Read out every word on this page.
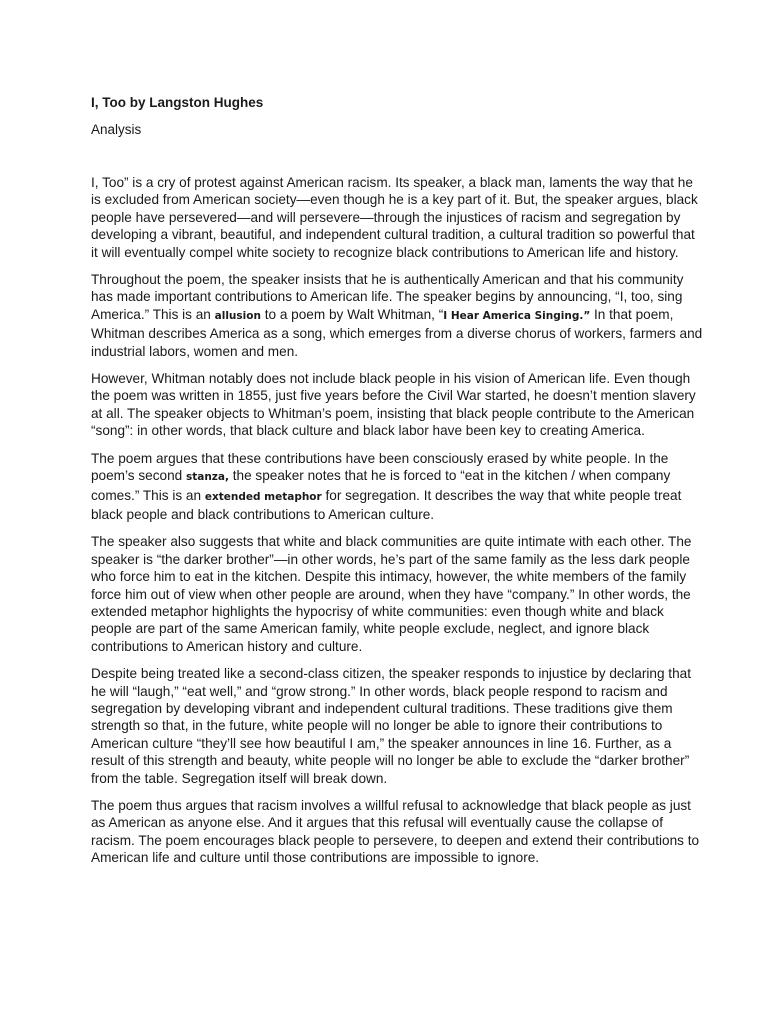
I, Too by Langston Hughes
Analysis

I, Too” is a cry of protest against American racism. Its speaker, a black man, laments the way that he is excluded from American society—even though he is a key part of it. But, the speaker argues, black people have persevered—and will persevere—through the injustices of racism and segregation by developing a vibrant, beautiful, and independent cultural tradition, a cultural tradition so powerful that it will eventually compel white society to recognize black contributions to American life and history.

Throughout the poem, the speaker insists that he is authentically American and that his community has made important contributions to American life. The speaker begins by announcing, “I, too, sing America.” This is an allusion to a poem by Walt Whitman, “I Hear America Singing.” In that poem, Whitman describes America as a song, which emerges from a diverse chorus of workers, farmers and industrial labors, women and men.

However, Whitman notably does not include black people in his vision of American life. Even though the poem was written in 1855, just five years before the Civil War started, he doesn’t mention slavery at all. The speaker objects to Whitman’s poem, insisting that black people contribute to the American “song”: in other words, that black culture and black labor have been key to creating America.

The poem argues that these contributions have been consciously erased by white people. In the poem’s second stanza, the speaker notes that he is forced to “eat in the kitchen / when company comes.” This is an extended metaphor for segregation. It describes the way that white people treat black people and black contributions to American culture.

The speaker also suggests that white and black communities are quite intimate with each other. The speaker is “the darker brother”—in other words, he’s part of the same family as the less dark people who force him to eat in the kitchen. Despite this intimacy, however, the white members of the family force him out of view when other people are around, when they have “company.” In other words, the extended metaphor highlights the hypocrisy of white communities: even though white and black people are part of the same American family, white people exclude, neglect, and ignore black contributions to American history and culture.

Despite being treated like a second-class citizen, the speaker responds to injustice by declaring that he will “laugh,” “eat well,” and “grow strong.” In other words, black people respond to racism and segregation by developing vibrant and independent cultural traditions. These traditions give them strength so that, in the future, white people will no longer be able to ignore their contributions to American culture “they’ll see how beautiful I am,” the speaker announces in line 16. Further, as a result of this strength and beauty, white people will no longer be able to exclude the “darker brother” from the table. Segregation itself will break down.

The poem thus argues that racism involves a willful refusal to acknowledge that black people as just as American as anyone else. And it argues that this refusal will eventually cause the collapse of racism. The poem encourages black people to persevere, to deepen and extend their contributions to American life and culture until those contributions are impossible to ignore.
